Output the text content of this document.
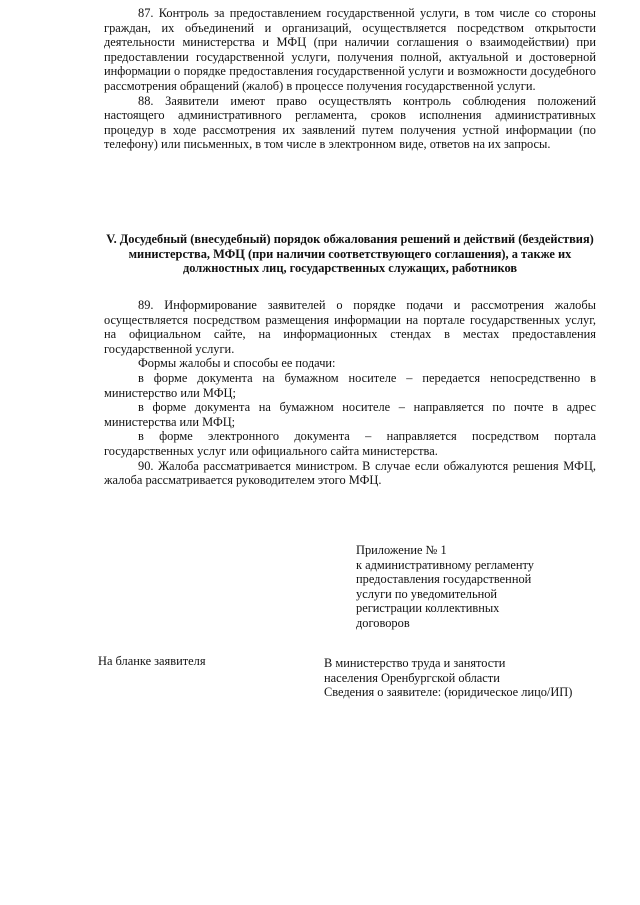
87. Контроль за предоставлением государственной услуги, в том числе со стороны граждан, их объединений и организаций, осуществляется посредством открытости деятельности министерства и МФЦ (при наличии соглашения о взаимодействии) при предоставлении государственной услуги, получения полной, актуальной и достоверной информации о порядке предоставления государственной услуги и возможности досудебного рассмотрения обращений (жалоб) в процессе получения государственной услуги.

88. Заявители имеют право осуществлять контроль соблюдения положений настоящего административного регламента, сроков исполнения административных процедур в ходе рассмотрения их заявлений путем получения устной информации (по телефону) или письменных, в том числе в электронном виде, ответов на их запросы.

V. Досудебный (внесудебный) порядок обжалования решений и действий (бездействия) министерства, МФЦ (при наличии соответствующего соглашения), а также их должностных лиц, государственных служащих, работников

89. Информирование заявителей о порядке подачи и рассмотрения жалобы осуществляется посредством размещения информации на портале государственных услуг, на официальном сайте, на информационных стендах в местах предоставления государственной услуги.

Формы жалобы и способы ее подачи:

в форме документа на бумажном носителе – передается непосредственно в министерство или МФЦ;

в форме документа на бумажном носителе – направляется по почте в адрес министерства или МФЦ;

в форме электронного документа – направляется посредством портала государственных услуг или официального сайта министерства.

90. Жалоба рассматривается министром. В случае если обжалуются решения МФЦ, жалоба рассматривается руководителем этого МФЦ.

Приложение № 1
к административному регламенту
предоставления государственной
услуги по уведомительной
регистрации коллективных
договоров
На бланке заявителя	В министерство труда и занятости
населения Оренбургской области
Сведения о заявителе: (юридическое лицо/ИП)
